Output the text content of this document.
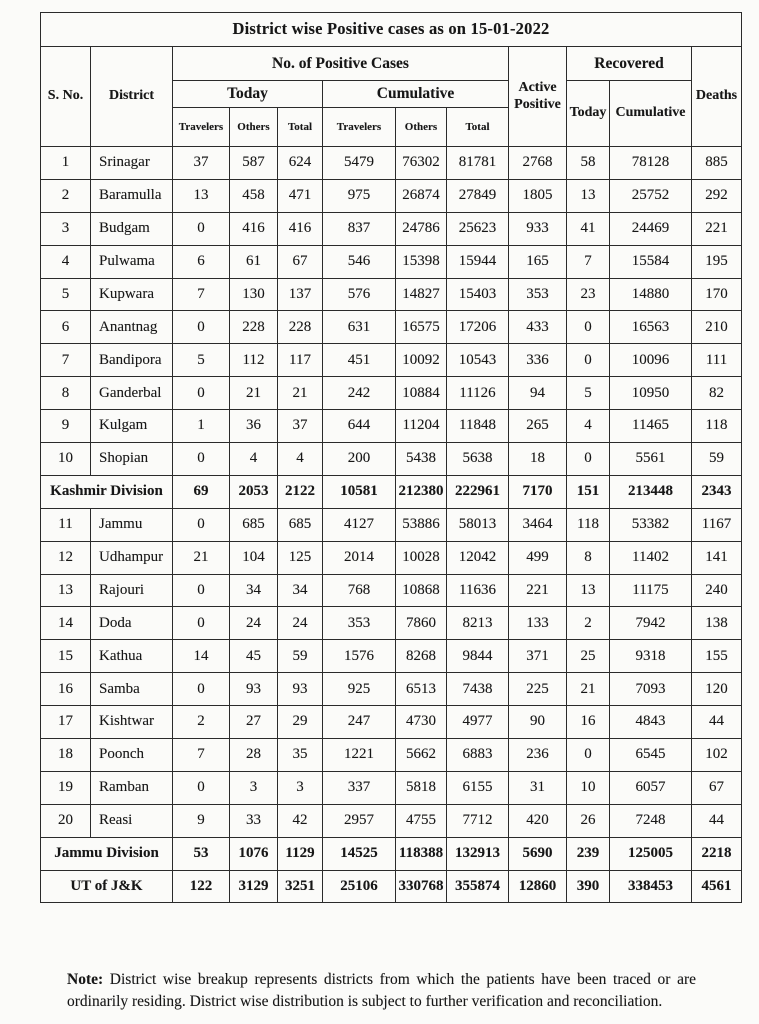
District wise Positive cases as on 15-01-2022											
S. No.	District	No. of Positive Cases						Active Positive	Recovered		Deaths
		Today			Cumulative				Today	Cumulative	
		Travelers	Others	Total	Travelers	Others	Total				
1	Srinagar	37	587	624	5479	76302	81781	2768	58	78128	885
2	Baramulla	13	458	471	975	26874	27849	1805	13	25752	292
3	Budgam	0	416	416	837	24786	25623	933	41	24469	221
4	Pulwama	6	61	67	546	15398	15944	165	7	15584	195
5	Kupwara	7	130	137	576	14827	15403	353	23	14880	170
6	Anantnag	0	228	228	631	16575	17206	433	0	16563	210
7	Bandipora	5	112	117	451	10092	10543	336	0	10096	111
8	Ganderbal	0	21	21	242	10884	11126	94	5	10950	82
9	Kulgam	1	36	37	644	11204	11848	265	4	11465	118
10	Shopian	0	4	4	200	5438	5638	18	0	5561	59
Kashmir Division		69	2053	2122	10581	212380	222961	7170	151	213448	2343
11	Jammu	0	685	685	4127	53886	58013	3464	118	53382	1167
12	Udhampur	21	104	125	2014	10028	12042	499	8	11402	141
13	Rajouri	0	34	34	768	10868	11636	221	13	11175	240
14	Doda	0	24	24	353	7860	8213	133	2	7942	138
15	Kathua	14	45	59	1576	8268	9844	371	25	9318	155
16	Samba	0	93	93	925	6513	7438	225	21	7093	120
17	Kishtwar	2	27	29	247	4730	4977	90	16	4843	44
18	Poonch	7	28	35	1221	5662	6883	236	0	6545	102
19	Ramban	0	3	3	337	5818	6155	31	10	6057	67
20	Reasi	9	33	42	2957	4755	7712	420	26	7248	44
Jammu Division		53	1076	1129	14525	118388	132913	5690	239	125005	2218
UT of J&K		122	3129	3251	25106	330768	355874	12860	390	338453	4561

Note: District wise breakup represents districts from which the patients have been traced or are ordinarily residing. District wise distribution is subject to further verification and reconciliation.
